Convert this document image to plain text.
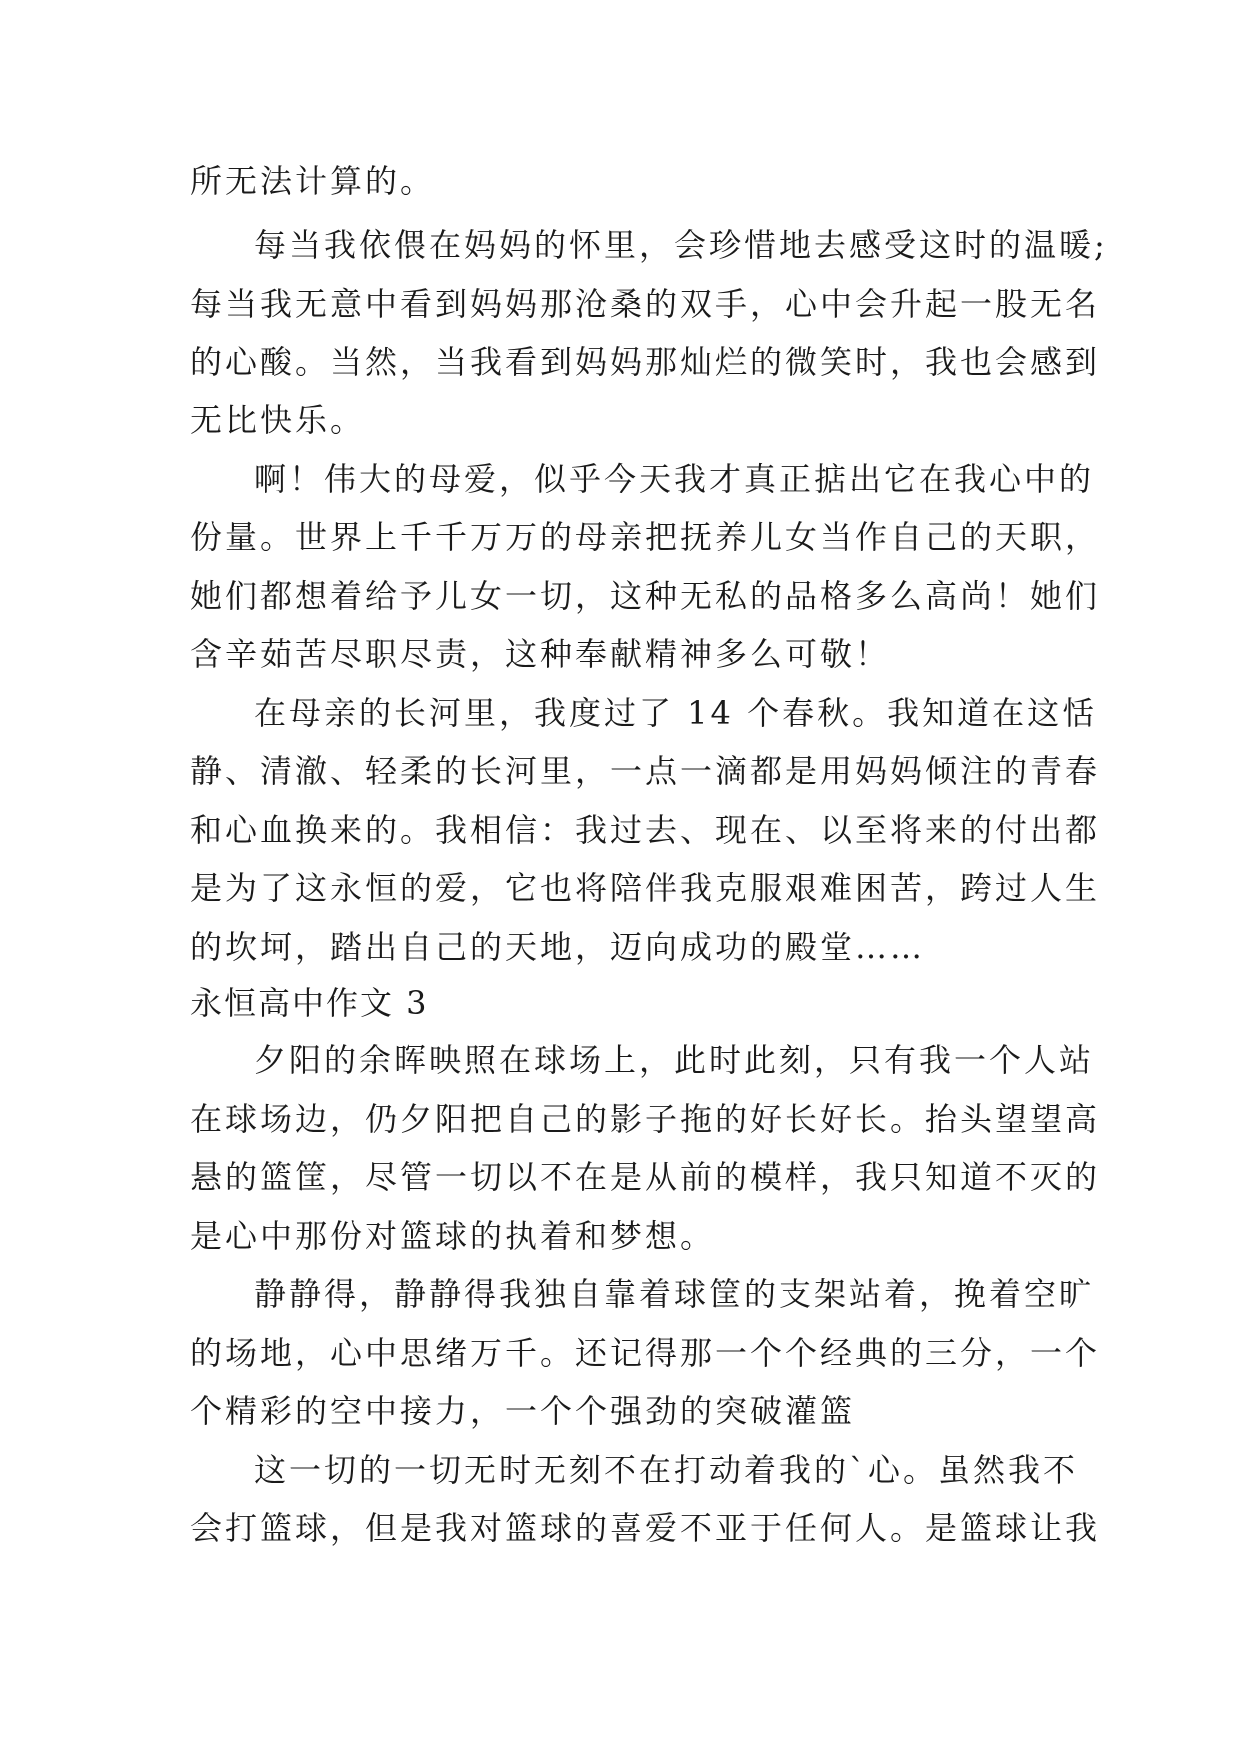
所无法计算的。

每当我依偎在妈妈的怀里，会珍惜地去感受这时的温暖;

每当我无意中看到妈妈那沧桑的双手，心中会升起一股无名

的心酸。当然，当我看到妈妈那灿烂的微笑时，我也会感到

无比快乐。

啊！伟大的母爱，似乎今天我才真正掂出它在我心中的

份量。世界上千千万万的母亲把抚养儿女当作自己的天职，

她们都想着给予儿女一切，这种无私的品格多么高尚！她们

含辛茹苦尽职尽责，这种奉献精神多么可敬！

在母亲的长河里，我度过了 14 个春秋。我知道在这恬

静、清澈、轻柔的长河里，一点一滴都是用妈妈倾注的青春

和心血换来的。我相信：我过去、现在、以至将来的付出都

是为了这永恒的爱，它也将陪伴我克服艰难困苦，跨过人生

的坎坷，踏出自己的天地，迈向成功的殿堂……

永恒高中作文 3

夕阳的余晖映照在球场上，此时此刻，只有我一个人站

在球场边，仍夕阳把自己的影子拖的好长好长。抬头望望高

悬的篮筐，尽管一切以不在是从前的模样，我只知道不灭的

是心中那份对篮球的执着和梦想。

静静得，静静得我独自靠着球筐的支架站着，挽着空旷

的场地，心中思绪万千。还记得那一个个经典的三分，一个

个精彩的空中接力，一个个强劲的突破灌篮

这一切的一切无时无刻不在打动着我的`心。虽然我不

会打篮球，但是我对篮球的喜爱不亚于任何人。是篮球让我
